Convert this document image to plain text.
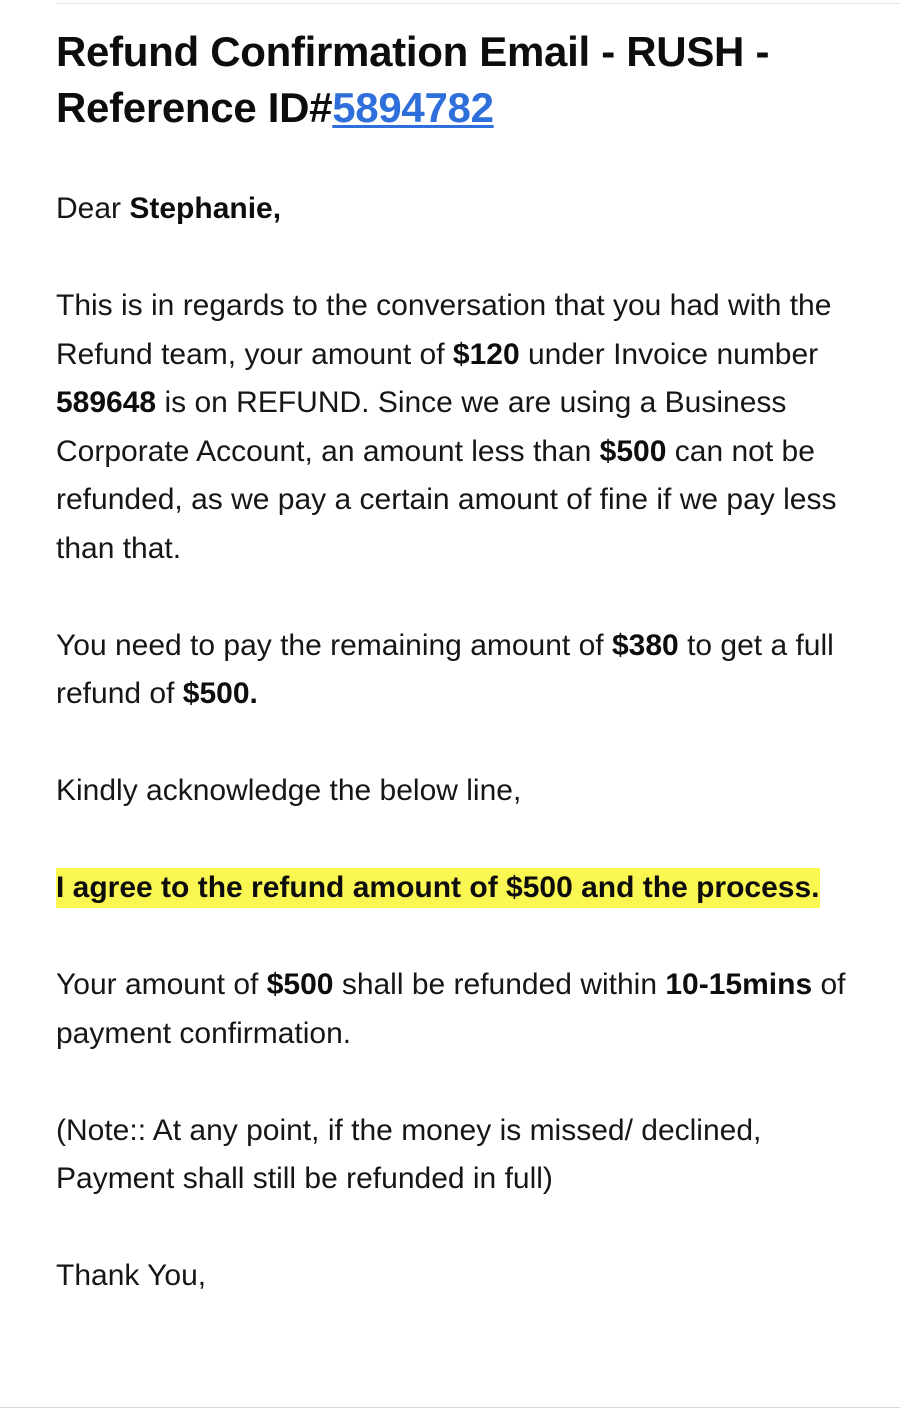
Refund Confirmation Email - RUSH - Reference ID#5894782

Dear Stephanie,

This is in regards to the conversation that you had with the Refund team, your amount of $120 under Invoice number 589648 is on REFUND. Since we are using a Business Corporate Account, an amount less than $500 can not be refunded, as we pay a certain amount of fine if we pay less than that.

You need to pay the remaining amount of $380 to get a full refund of $500.

Kindly acknowledge the below line,

I agree to the refund amount of $500 and the process.

Your amount of $500 shall be refunded within 10-15mins of payment confirmation.

(Note:: At any point, if the money is missed/ declined, Payment shall still be refunded in full)

Thank You,
